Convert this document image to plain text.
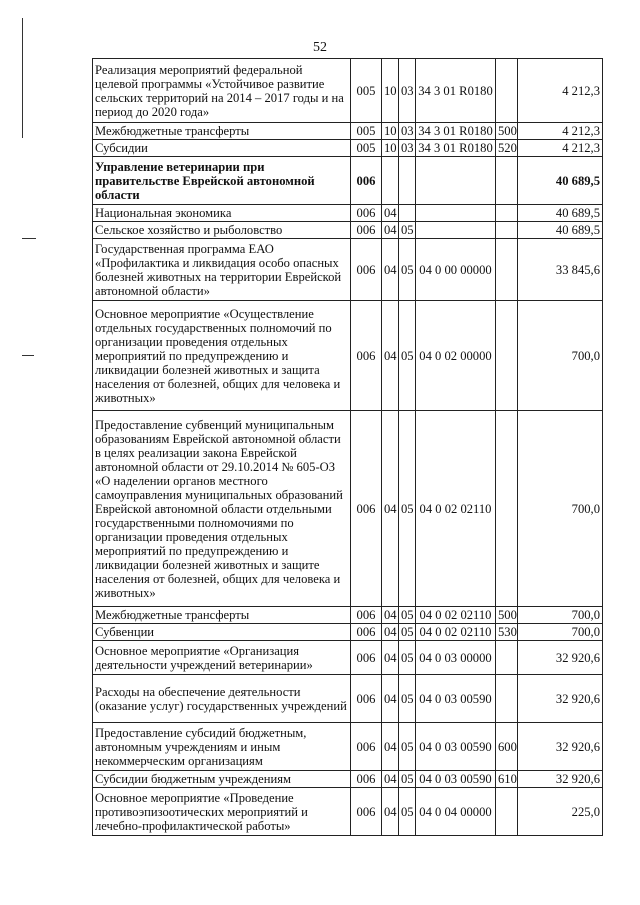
52
Реализация мероприятий федеральной целевой программы «Устойчивое развитие сельских территорий на 2014 – 2017 годы и на период до 2020 года»	005	10	03	34 3 01 R0180		4 212,3
Межбюджетные трансферты	005	10	03	34 3 01 R0180	500	4 212,3
Субсидии	005	10	03	34 3 01 R0180	520	4 212,3
Управление ветеринарии при правительстве Еврейской автономной области	006					40 689,5
Национальная экономика	006	04				40 689,5
Сельское хозяйство и рыболовство	006	04	05			40 689,5
Государственная программа ЕАО «Профилактика и ликвидация особо опасных болезней животных на территории Еврейской автономной области»	006	04	05	04 0 00 00000		33 845,6
Основное мероприятие «Осуществление отдельных государственных полномочий по организации проведения отдельных мероприятий по предупреждению и ликвидации болезней животных и защита населения от болезней, общих для человека и животных»	006	04	05	04 0 02 00000		700,0
Предоставление субвенций муниципальным образованиям Еврейской автономной области в целях реализации закона Еврейской автономной области от 29.10.2014 № 605-ОЗ «О наделении органов местного самоуправления муниципальных образований Еврейской автономной области отдельными государственными полномочиями по организации проведения отдельных мероприятий по предупреждению и ликвидации болезней животных и защите населения от болезней, общих для человека и животных»	006	04	05	04 0 02 02110		700,0
Межбюджетные трансферты	006	04	05	04 0 02 02110	500	700,0
Субвенции	006	04	05	04 0 02 02110	530	700,0
Основное мероприятие «Организация деятельности учреждений ветеринарии»	006	04	05	04 0 03 00000		32 920,6
Расходы на обеспечение деятельности (оказание услуг) государственных учреждений	006	04	05	04 0 03 00590		32 920,6
Предоставление субсидий бюджетным, автономным учреждениям и иным некоммерческим организациям	006	04	05	04 0 03 00590	600	32 920,6
Субсидии бюджетным учреждениям	006	04	05	04 0 03 00590	610	32 920,6
Основное мероприятие «Проведение противоэпизоотических мероприятий и лечебно-профилактической работы»	006	04	05	04 0 04 00000		225,0
